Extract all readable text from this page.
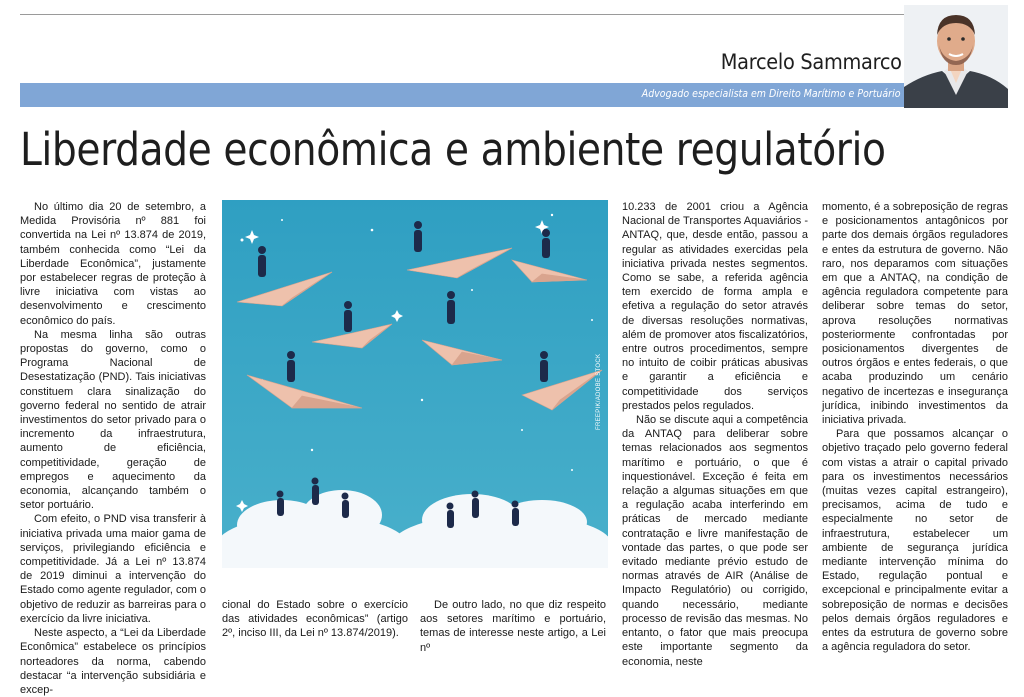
Marcelo Sammarco
Advogado especialista em Direito Marítimo e Portuário
Liberdade econômica e ambiente regulatório

No último dia 20 de setembro, a Medida Provisória nº 881 foi convertida na Lei nº 13.874 de 2019, também conhecida como “Lei da Liberdade Econômica”, justamente por estabelecer regras de proteção à livre iniciativa com vistas ao desenvolvimento e crescimento econômico do país.

Na mesma linha são outras propostas do governo, como o Programa Nacional de Desestatização (PND). Tais iniciativas constituem clara sinalização do governo federal no sentido de atrair investimentos do setor privado para o incremento da infraestrutura, aumento de eficiência, competitividade, geração de empregos e aquecimento da economia, alcançando também o setor portuário.

Com efeito, o PND visa transferir à iniciativa privada uma maior gama de serviços, privilegiando eficiência e competitividade. Já a Lei nº 13.874 de 2019 diminui a intervenção do Estado como agente regulador, com o objetivo de reduzir as barreiras para o exercício da livre iniciativa.

Neste aspecto, a “Lei da Liberdade Econômica” estabelece os princípios norteadores da norma, cabendo destacar “a intervenção subsidiária e excep-

FREEPIK/ADOBE STOCK

cional do Estado sobre o exercício das atividades econômicas” (artigo 2º, inciso III, da Lei nº 13.874/2019).

De outro lado, no que diz respeito aos setores marítimo e portuário, temas de interesse neste artigo, a Lei nº

10.233 de 2001 criou a Agência Nacional de Transportes Aquaviários - ANTAQ, que, desde então, passou a regular as atividades exercidas pela iniciativa privada nestes segmentos. Como se sabe, a referida agência tem exercido de forma ampla e efetiva a regulação do setor através de diversas resoluções normativas, além de promover atos fiscalizatórios, entre outros procedimentos, sempre no intuito de coibir práticas abusivas e garantir a eficiência e competitividade dos serviços prestados pelos regulados.

Não se discute aqui a competência da ANTAQ para deliberar sobre temas relacionados aos segmentos marítimo e portuário, o que é inquestionável. Exceção é feita em relação a algumas situações em que a regulação acaba interferindo em práticas de mercado mediante contratação e livre manifestação de vontade das partes, o que pode ser evitado mediante prévio estudo de normas através de AIR (Análise de Impacto Regulatório) ou corrigido, quando necessário, mediante processo de revisão das mesmas. No entanto, o fator que mais preocupa este importante segmento da economia, neste

momento, é a sobreposição de regras e posicionamentos antagônicos por parte dos demais órgãos reguladores e entes da estrutura de governo. Não raro, nos deparamos com situações em que a ANTAQ, na condição de agência reguladora competente para deliberar sobre temas do setor, aprova resoluções normativas posteriormente confrontadas por posicionamentos divergentes de outros órgãos e entes federais, o que acaba produzindo um cenário negativo de incertezas e insegurança jurídica, inibindo investimentos da iniciativa privada.

Para que possamos alcançar o objetivo traçado pelo governo federal com vistas a atrair o capital privado para os investimentos necessários (muitas vezes capital estrangeiro), precisamos, acima de tudo e especialmente no setor de infraestrutura, estabelecer um ambiente de segurança jurídica mediante intervenção mínima do Estado, regulação pontual e excepcional e principalmente evitar a sobreposição de normas e decisões pelos demais órgãos reguladores e entes da estrutura de governo sobre a agência reguladora do setor.
